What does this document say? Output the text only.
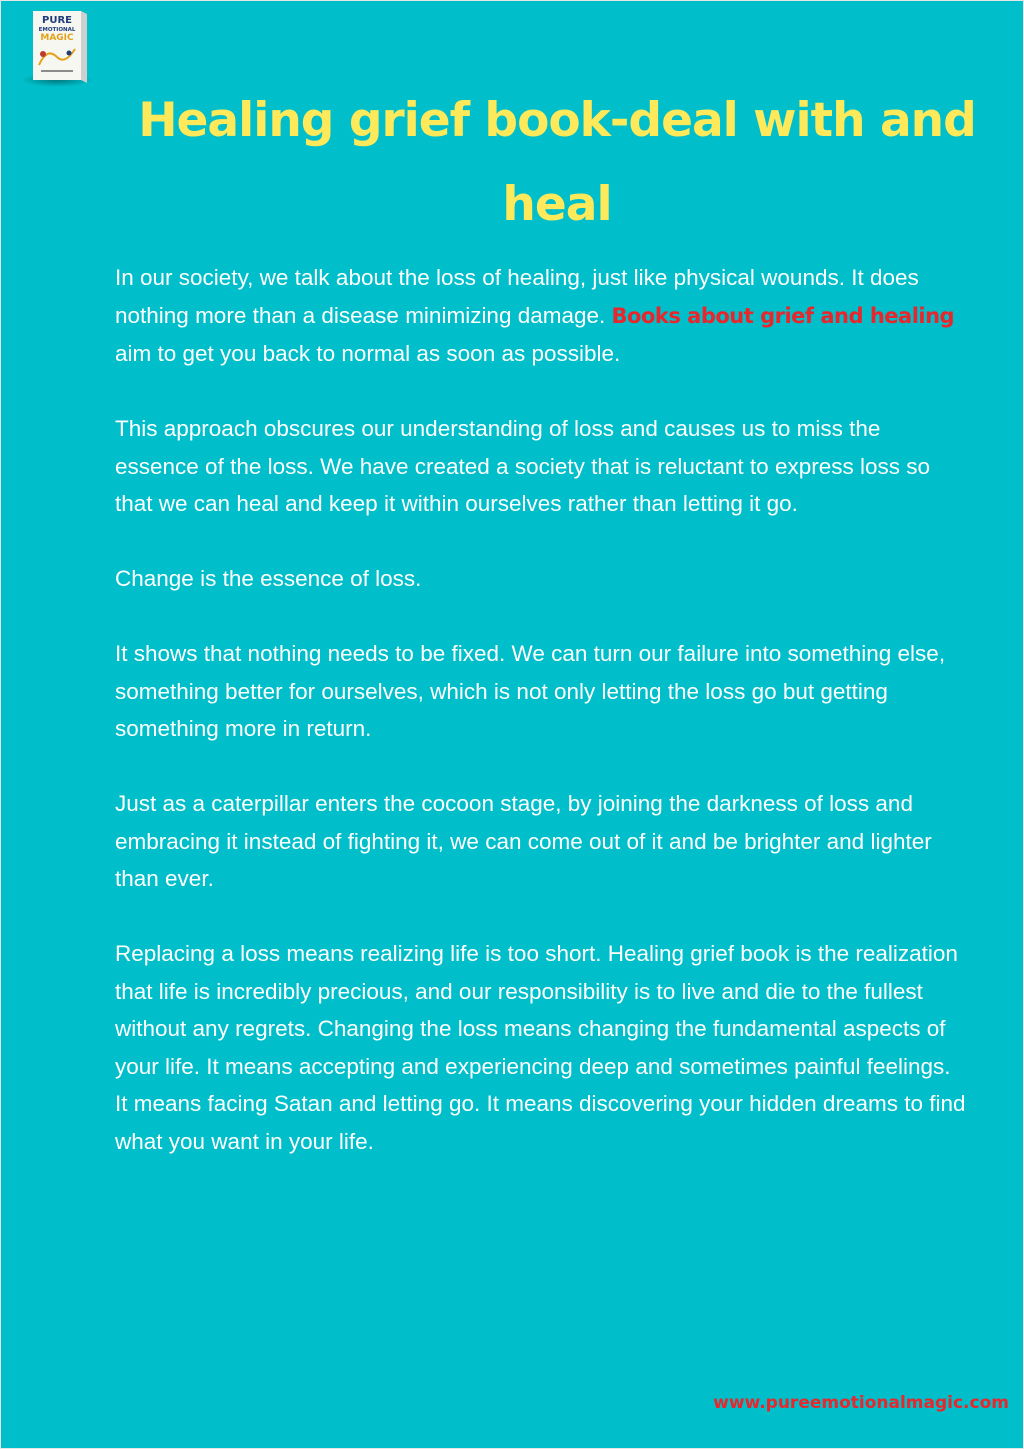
PURE
EMOTIONAL
MAGIC
Healing grief book-deal with and heal

In our society, we talk about the loss of healing, just like physical wounds. It does nothing more than a disease minimizing damage. Books about grief and healing aim to get you back to normal as soon as possible.

This approach obscures our understanding of loss and causes us to miss the essence of the loss. We have created a society that is reluctant to express loss so that we can heal and keep it within ourselves rather than letting it go.

Change is the essence of loss.

It shows that nothing needs to be fixed. We can turn our failure into something else, something better for ourselves, which is not only letting the loss go but getting something more in return.

Just as a caterpillar enters the cocoon stage, by joining the darkness of loss and embracing it instead of fighting it, we can come out of it and be brighter and lighter than ever.

Replacing a loss means realizing life is too short. Healing grief book is the realization that life is incredibly precious, and our responsibility is to live and die to the fullest without any regrets. Changing the loss means changing the fundamental aspects of your life. It means accepting and experiencing deep and sometimes painful feelings. It means facing Satan and letting go. It means discovering your hidden dreams to find what you want in your life.

www.pureemotionalmagic.com
